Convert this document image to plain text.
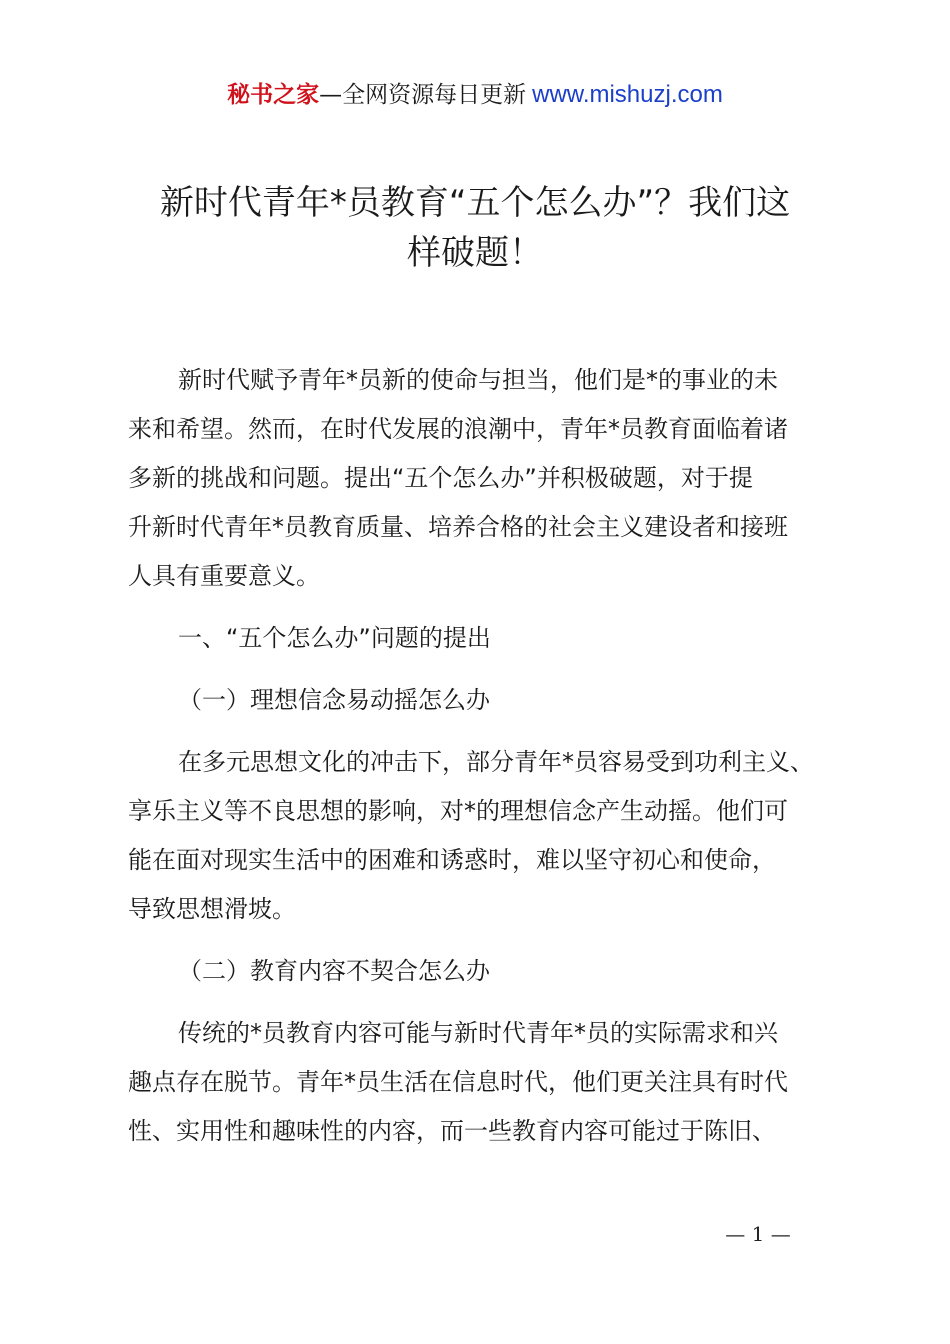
秘书之家—全网资源每日更新 www.mishuzj.com
新时代青年*员教育“五个怎么办”？我们这
样破题！

新时代赋予青年*员新的使命与担当，他们是*的事业的未
来和希望。然而，在时代发展的浪潮中，青年*员教育面临着诸
多新的挑战和问题。提出“五个怎么办”并积极破题，对于提
升新时代青年*员教育质量、培养合格的社会主义建设者和接班
人具有重要意义。

一、“五个怎么办”问题的提出

（一）理想信念易动摇怎么办

在多元思想文化的冲击下，部分青年*员容易受到功利主义、
享乐主义等不良思想的影响，对*的理想信念产生动摇。他们可
能在面对现实生活中的困难和诱惑时，难以坚守初心和使命，
导致思想滑坡。

（二）教育内容不契合怎么办

传统的*员教育内容可能与新时代青年*员的实际需求和兴
趣点存在脱节。青年*员生活在信息时代，他们更关注具有时代
性、实用性和趣味性的内容，而一些教育内容可能过于陈旧、

— 1 —
